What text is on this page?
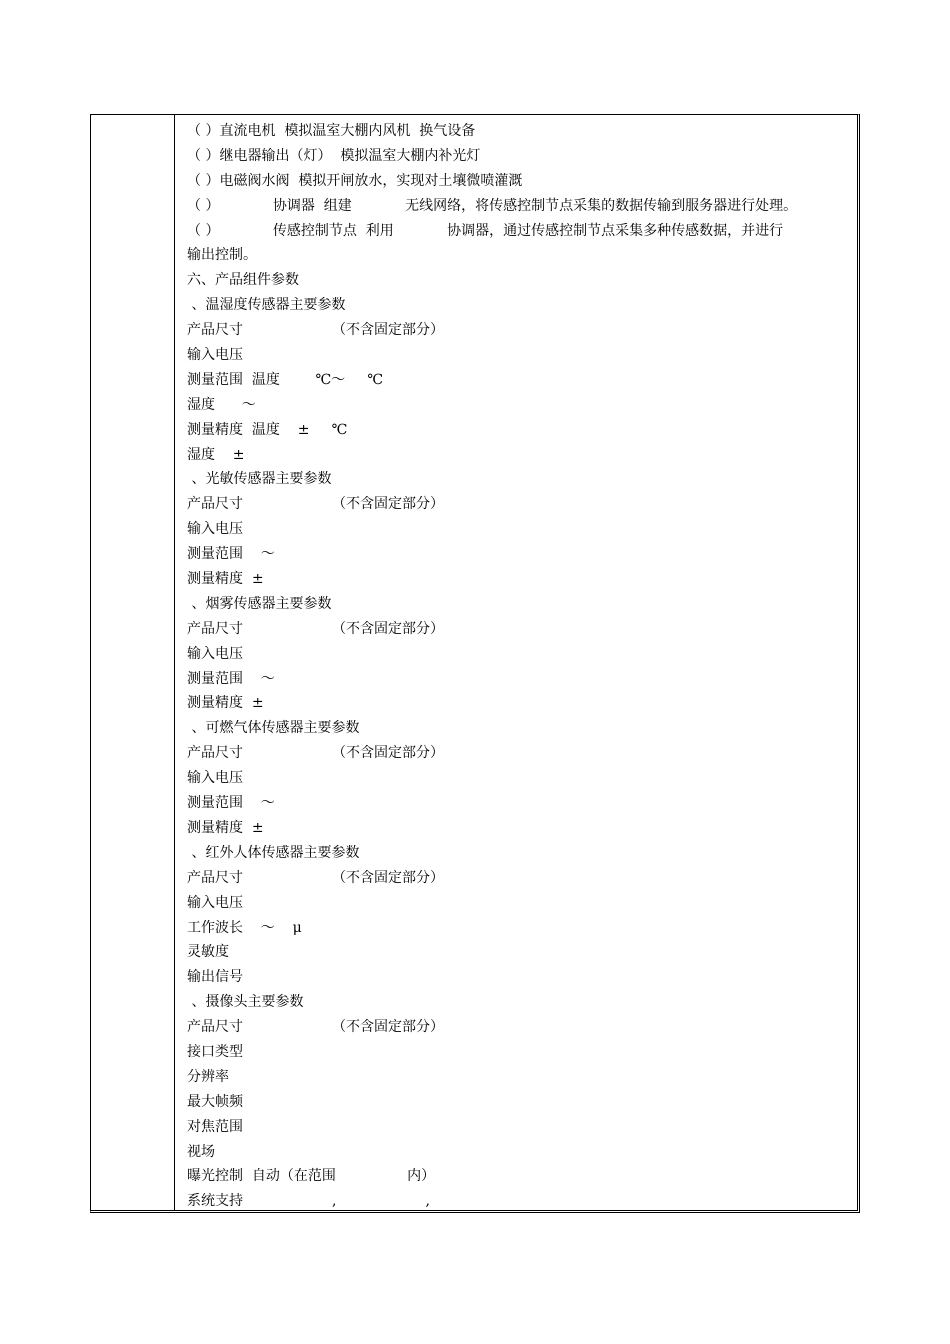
（ ）直流电机  模拟温室大棚内风机  换气设备
（ ）继电器输出（灯）  模拟温室大棚内补光灯
（ ）电磁阀水阀  模拟开闸放水，实现对土壤微喷灌溉
（ ）            协调器  组建            无线网络，将传感控制节点采集的数据传输到服务器进行处理。
（ ）            传感控制节点  利用            协调器，通过传感控制节点采集多种传感数据，并进行
输出控制。
六、产品组件参数
、温湿度传感器主要参数
产品尺寸                    （不含固定部分）
输入电压
测量范围  温度        ℃～     ℃
湿度      ～
测量精度  温度    ±     ℃
湿度    ±
、光敏传感器主要参数
产品尺寸                    （不含固定部分）
输入电压
测量范围    ～
测量精度  ±
、烟雾传感器主要参数
产品尺寸                    （不含固定部分）
输入电压
测量范围    ～
测量精度  ±
、可燃气体传感器主要参数
产品尺寸                    （不含固定部分）
输入电压
测量范围    ～
测量精度  ±
、红外人体传感器主要参数
产品尺寸                    （不含固定部分）
输入电压
工作波长    ～    μ
灵敏度
输出信号
、摄像头主要参数
产品尺寸                    （不含固定部分）
接口类型
分辨率
最大帧频
对焦范围
视场
曝光控制  自动（在范围                内）
系统支持                    ,                    ,
